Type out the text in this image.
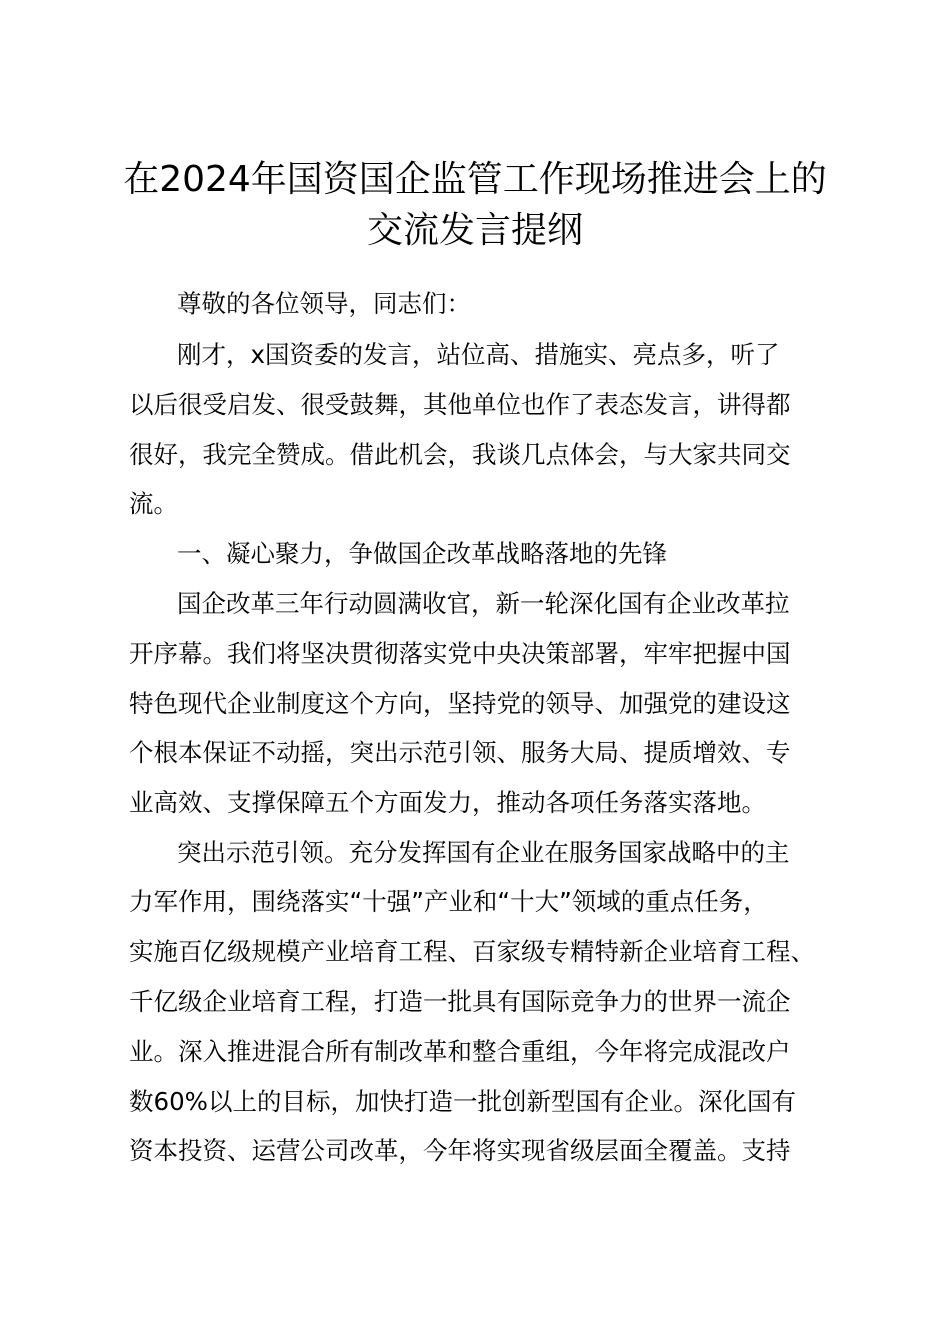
在2024年国资国企监管工作现场推进会上的
交流发言提纲

尊敬的各位领导，同志们：

刚才，x国资委的发言，站位高、措施实、亮点多，听了

以后很受启发、很受鼓舞，其他单位也作了表态发言，讲得都

很好，我完全赞成。借此机会，我谈几点体会，与大家共同交

流。

一、凝心聚力，争做国企改革战略落地的先锋

国企改革三年行动圆满收官，新一轮深化国有企业改革拉

开序幕。我们将坚决贯彻落实党中央决策部署，牢牢把握中国

特色现代企业制度这个方向，坚持党的领导、加强党的建设这

个根本保证不动摇，突出示范引领、服务大局、提质增效、专

业高效、支撑保障五个方面发力，推动各项任务落实落地。

突出示范引领。充分发挥国有企业在服务国家战略中的主

力军作用，围绕落实“十强”产业和“十大”领域的重点任务，

实施百亿级规模产业培育工程、百家级专精特新企业培育工程、

千亿级企业培育工程，打造一批具有国际竞争力的世界一流企

业。深入推进混合所有制改革和整合重组，今年将完成混改户

数60%以上的目标，加快打造一批创新型国有企业。深化国有

资本投资、运营公司改革，今年将实现省级层面全覆盖。支持
